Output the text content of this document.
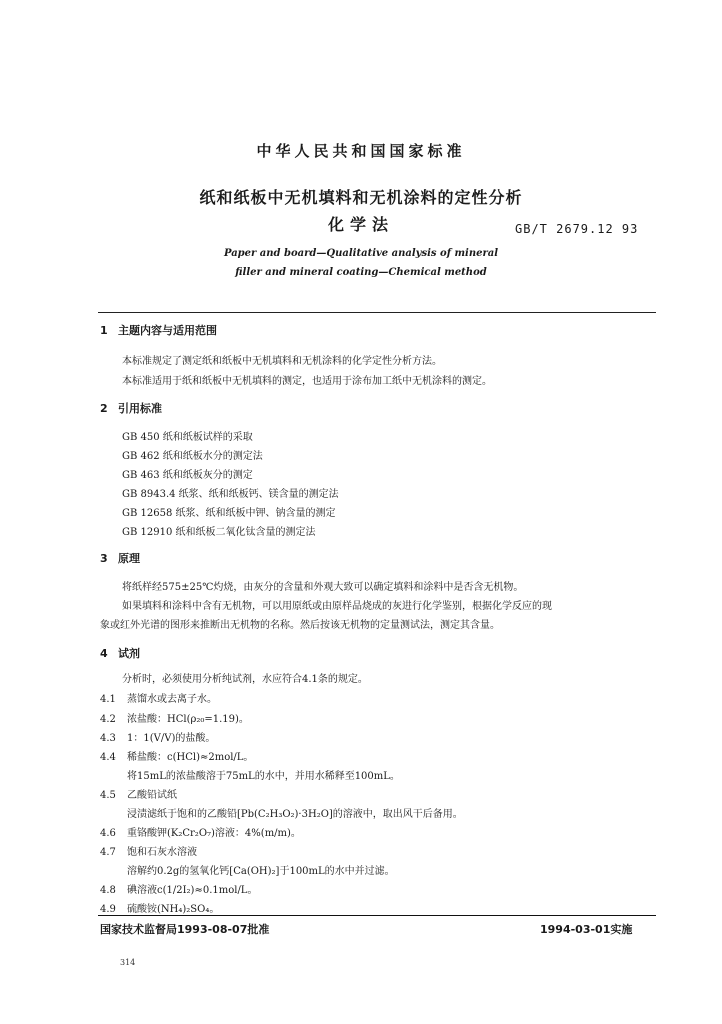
中华人民共和国国家标准
纸和纸板中无机填料和无机涂料的定性分析
化学法	GB/T 2679.12 93
Paper and board—Qualitative analysis of mineral
filler and mineral coating—Chemical method
1 主题内容与适用范围
本标准规定了测定纸和纸板中无机填料和无机涂料的化学定性分析方法。
本标准适用于纸和纸板中无机填料的测定，也适用于涂布加工纸中无机涂料的测定。
2 引用标准
GB 450 纸和纸板试样的采取
GB 462 纸和纸板水分的测定法
GB 463 纸和纸板灰分的测定
GB 8943.4 纸浆、纸和纸板钙、镁含量的测定法
GB 12658 纸浆、纸和纸板中钾、钠含量的测定
GB 12910 纸和纸板二氧化钛含量的测定法
3 原理
将纸样经575±25℃灼烧，由灰分的含量和外观大致可以确定填料和涂料中是否含无机物。
如果填料和涂料中含有无机物，可以用原纸或由原样品烧成的灰进行化学鉴别，根据化学反应的现
象或红外光谱的图形来推断出无机物的名称。然后按该无机物的定量测试法，测定其含量。
4 试剂
分析时，必须使用分析纯试剂，水应符合4.1条的规定。
4.1 蒸馏水或去离子水。
4.2 浓盐酸：HCl(ρ₂₀=1.19)。
4.3 1：1(V/V)的盐酸。
4.4 稀盐酸：c(HCl)≈2mol/L。
将15mL的浓盐酸溶于75mL的水中，并用水稀释至100mL。
4.5 乙酸铅试纸
浸渍滤纸于饱和的乙酸铅[Pb(C₂H₃O₂)·3H₂O]的溶液中，取出风干后备用。
4.6 重铬酸钾(K₂Cr₂O₇)溶液：4%(m/m)。
4.7 饱和石灰水溶液
溶解约0.2g的氢氧化钙[Ca(OH)₂]于100mL的水中并过滤。
4.8 碘溶液c(1/2I₂)≈0.1mol/L。
4.9 硫酸铵(NH₄)₂SO₄。
国家技术监督局1993-08-07批准	1994-03-01实施
314
